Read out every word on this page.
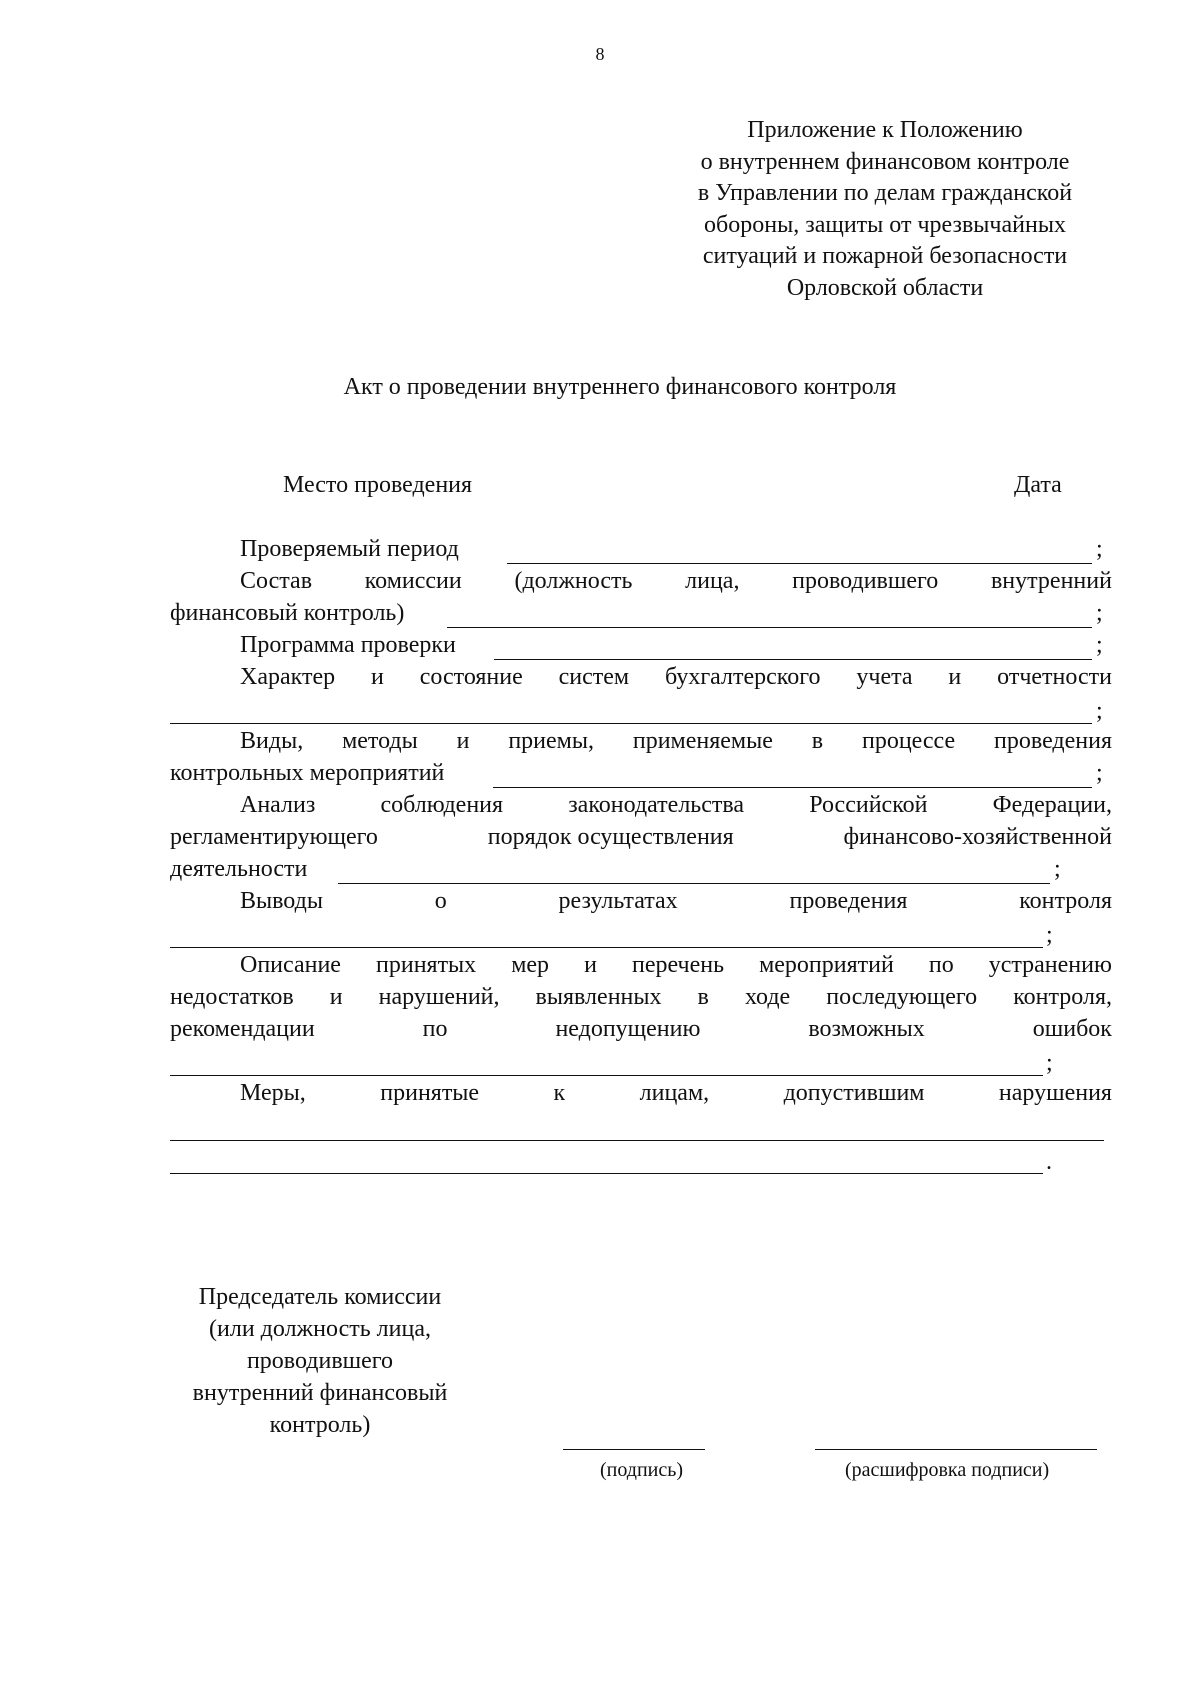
8
Приложение к Положению
о внутреннем финансовом контроле
в Управлении по делам гражданской
обороны, защиты от чрезвычайных
ситуаций и пожарной безопасности
Орловской области
Акт о проведении внутреннего финансового контроля
Место проведения	Дата
Проверяемый период	;
Состав комиссии (должность лица, проводившего внутренний
финансовый контроль)	;
Программа проверки	;
Характер и состояние систем бухгалтерского учета и отчетности
;
Виды, методы и приемы, применяемые в процессе проведения
контрольных мероприятий	;
Анализ	соблюдения	законодательства	Российской	Федерации,
регламентирующего	порядок осуществления	финансово-хозяйственной
деятельности	;
Выводы	о	результатах	проведения	контроля
;
Описание принятых мер и перечень мероприятий по устранению
недостатков и нарушений, выявленных в ходе последующего контроля,
рекомендации	по	недопущению	возможных	ошибок
;
Меры,	принятые	к	лицам,	допустившим	нарушения
.
Председатель комиссии
(или должность лица,
проводившего
внутренний финансовый
контроль)
(подпись)	(расшифровка подписи)
